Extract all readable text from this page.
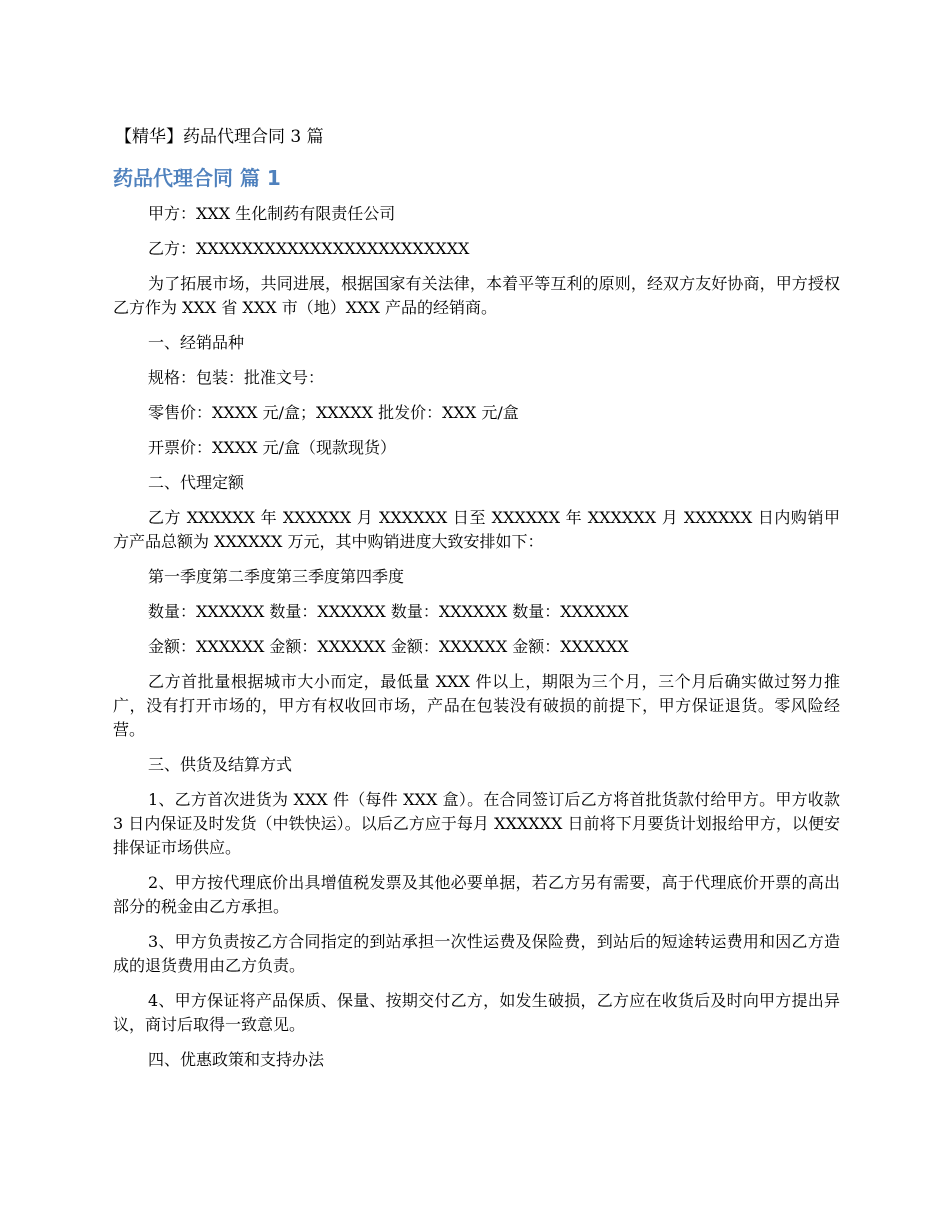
【精华】药品代理合同 3 篇
药品代理合同 篇 1

甲方：XXX 生化制药有限责任公司

乙方：XXXXXXXXXXXXXXXXXXXXXXXX

为了拓展市场，共同进展，根据国家有关法律，本着平等互利的原则，经双方友好协商，甲方授权乙方作为 XXX 省 XXX 市（地）XXX 产品的经销商。

一、经销品种

规格：包装：批准文号：

零售价：XXXX 元/盒；XXXXX 批发价：XXX 元/盒

开票价：XXXX 元/盒（现款现货）

二、代理定额

乙方 XXXXXX 年 XXXXXX 月 XXXXXX 日至 XXXXXX 年 XXXXXX 月 XXXXXX 日内购销甲方产品总额为 XXXXXX 万元，其中购销进度大致安排如下：

第一季度第二季度第三季度第四季度

数量：XXXXXX 数量：XXXXXX 数量：XXXXXX 数量：XXXXXX

金额：XXXXXX 金额：XXXXXX 金额：XXXXXX 金额：XXXXXX

乙方首批量根据城市大小而定，最低量 XXX 件以上，期限为三个月，三个月后确实做过努力推广，没有打开市场的，甲方有权收回市场，产品在包装没有破损的前提下，甲方保证退货。零风险经营。

三、供货及结算方式

1、乙方首次进货为 XXX 件（每件 XXX 盒）。在合同签订后乙方将首批货款付给甲方。甲方收款 3 日内保证及时发货（中铁快运）。以后乙方应于每月 XXXXXX 日前将下月要货计划报给甲方，以便安排保证市场供应。

2、甲方按代理底价出具增值税发票及其他必要单据，若乙方另有需要，高于代理底价开票的高出部分的税金由乙方承担。

3、甲方负责按乙方合同指定的到站承担一次性运费及保险费，到站后的短途转运费用和因乙方造成的退货费用由乙方负责。

4、甲方保证将产品保质、保量、按期交付乙方，如发生破损，乙方应在收货后及时向甲方提出异议，商讨后取得一致意见。

四、优惠政策和支持办法
